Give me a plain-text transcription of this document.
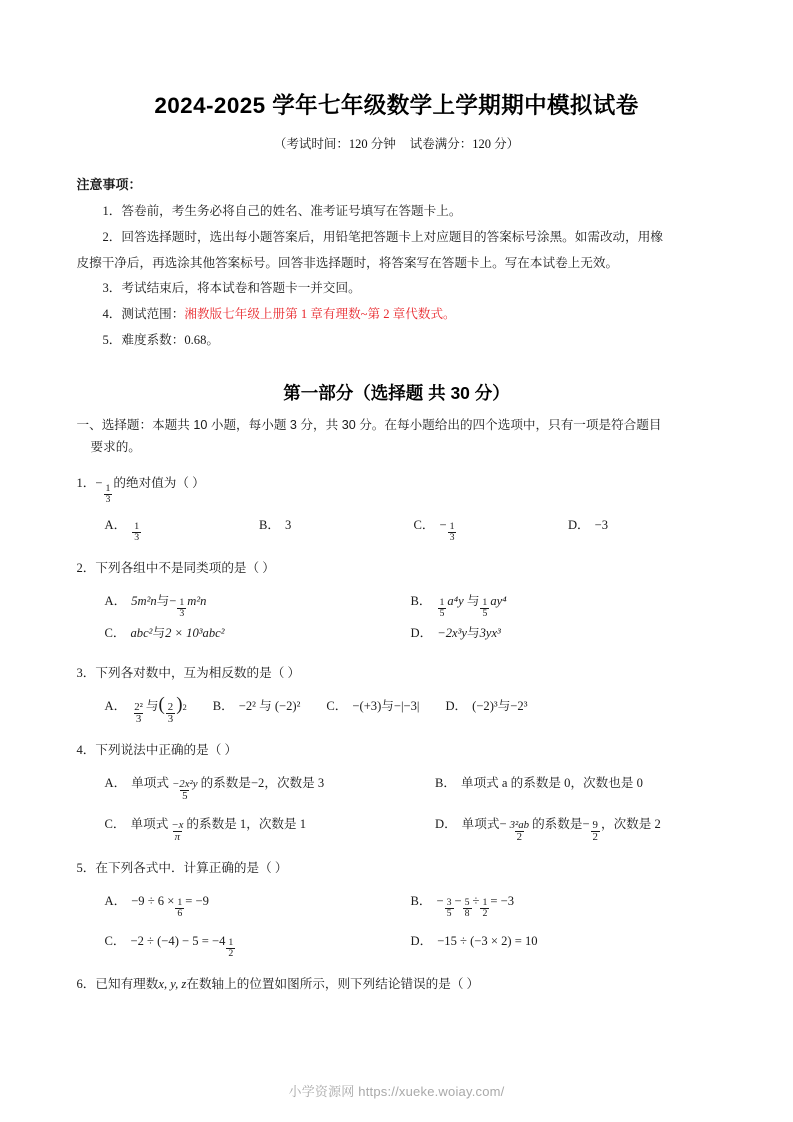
2024-2025 学年七年级数学上学期期中模拟试卷
（考试时间：120 分钟 试卷满分：120 分）
注意事项：

1．答卷前，考生务必将自己的姓名、准考证号填写在答题卡上。

2．回答选择题时，选出每小题答案后，用铅笔把答题卡上对应题目的答案标号涂黑。如需改动，用橡

皮擦干净后，再选涂其他答案标号。回答非选择题时，将答案写在答题卡上。写在本试卷上无效。

3．考试结束后，将本试卷和答题卡一并交回。

4．测试范围：湘教版七年级上册第 1 章有理数~第 2 章代数式。

5．难度系数：0.68。

第一部分（选择题 共 30 分）

一、选择题：本题共 10 小题，每小题 3 分，共 30 分。在每小题给出的四个选项中，只有一项是符合题目
要求的。

1．−
$\frac{1}{3}$
的绝对值为（ ）
A． $\frac{1}{3}$	B． 3	C． − $\frac{1}{3}$	D． −3
2．下列各组中不是同类项的是（ ）
A． 5m²n 与 − $\frac{1}{3} m^2n$	B． $\frac{1}{5} a^4y$
与 $\frac{1}{5} ay^4$
C． abc² 与 2 × 10³abc²	D． −2x³y 与 3yx³
3．下列各对数中，互为相反数的是（ ）
A． $\frac{\text{2²}}{3}$ 与 ( $\frac{2}{3}$ ) 2 B． −2² 与 (−2)² C． −(+3)与−|−3| D． (−2)³与−2³
4．下列说法中正确的是（ ）
A． 单项式 $\frac{\text{−2x²y}}{5}$ 的系数是−2，次数是 3	B． 单项式 a 的系数是 0，次数也是 0
C． 单项式 $\frac{-x}{\pi}$ 的系数是 1，次数是 1	D． 单项式− $\frac{\text{3²ab}}{2}$ 的系数是− $\frac{9}{2}$ ，次数是 2
5．在下列各式中．计算正确的是（ ）
A． $-9 \div 6 \times \frac{1}{6} = -9$	B． − $\frac{3}{5} - \frac{5}{8} \div \frac{1}{2} = -3$
C． $-2 \div (-4) - 5 = -4 \frac{1}{2}$	D． −15 ÷ (−3 × 2) = 10
6．已知有理数x, y, z在数轴上的位置如图所示，则下列结论错误的是（ ）
小学资源网 https://xueke.woiay.com/
